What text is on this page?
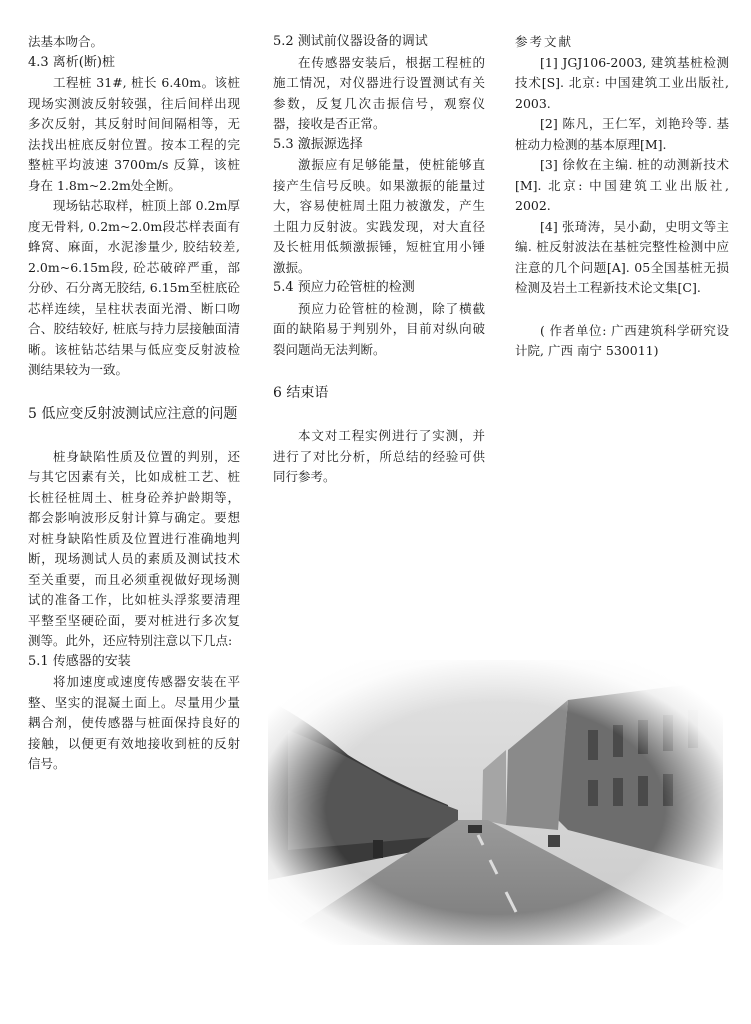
法基本吻合。

4.3 离析(断)桩

工程桩 31#, 桩长 6.40m。该桩现场实测波反射较强，往后间样出现多次反射，其反射时间间隔相等，无法找出桩底反射位置。按本工程的完整桩平均波速 3700m/s 反算，该桩身在 1.8m~2.2m处全断。

现场钻芯取样，桩顶上部 0.2m厚度无骨料, 0.2m~2.0m段芯样表面有蜂窝、麻面，水泥渗量少, 胶结较差, 2.0m~6.15m段, 砼芯破碎严重，部分砂、石分离无胶结, 6.15m至桩底砼芯样连续，呈柱状表面光滑、断口吻合、胶结较好, 桩底与持力层接触面清晰。该桩钻芯结果与低应变反射波检测结果较为一致。

5 低应变反射波测试应注意的问题

桩身缺陷性质及位置的判别，还与其它因素有关，比如成桩工艺、桩长桩径桩周土、桩身砼养护龄期等，都会影响波形反射计算与确定。要想对桩身缺陷性质及位置进行准确地判断，现场测试人员的素质及测试技术至关重要，而且必须重视做好现场测试的准备工作，比如桩头浮浆要清理平整至坚硬砼面，要对桩进行多次复测等。此外，还应特别注意以下几点:

5.1 传感器的安装

将加速度或速度传感器安装在平整、坚实的混凝土面上。尽量用少量耦合剂，使传感器与桩面保持良好的接触，以便更有效地接收到桩的反射信号。

5.2 测试前仪器设备的调试

在传感器安装后，根据工程桩的施工情况，对仪器进行设置测试有关参数，反复几次击振信号，观察仪器，接收是否正常。

5.3 激振源选择

激振应有足够能量，使桩能够直接产生信号反映。如果激振的能量过大，容易使桩周土阻力被激发，产生土阻力反射波。实践发现，对大直径及长桩用低频激振锤，短桩宜用小锤激振。

5.4 预应力砼管桩的检测

预应力砼管桩的检测，除了横截面的缺陷易于判别外，目前对纵向破裂问题尚无法判断。

6 结束语

本文对工程实例进行了实测，并进行了对比分析，所总结的经验可供同行参考。

参考文献

[1] JGJ106-2003, 建筑基桩检测技术[S]. 北京: 中国建筑工业出版社, 2003.

[2] 陈凡，王仁军，刘艳玲等. 基桩动力检测的基本原理[M].

[3] 徐攸在主编. 桩的动测新技术[M]. 北京: 中国建筑工业出版社, 2002.

[4] 张琦涛，吴小勐，史明文等主编. 桩反射波法在基桩完整性检测中应注意的几个问题[A]. 05全国基桩无损检测及岩土工程新技术论文集[C].

( 作者单位: 广西建筑科学研究设计院, 广西 南宁 530011)
